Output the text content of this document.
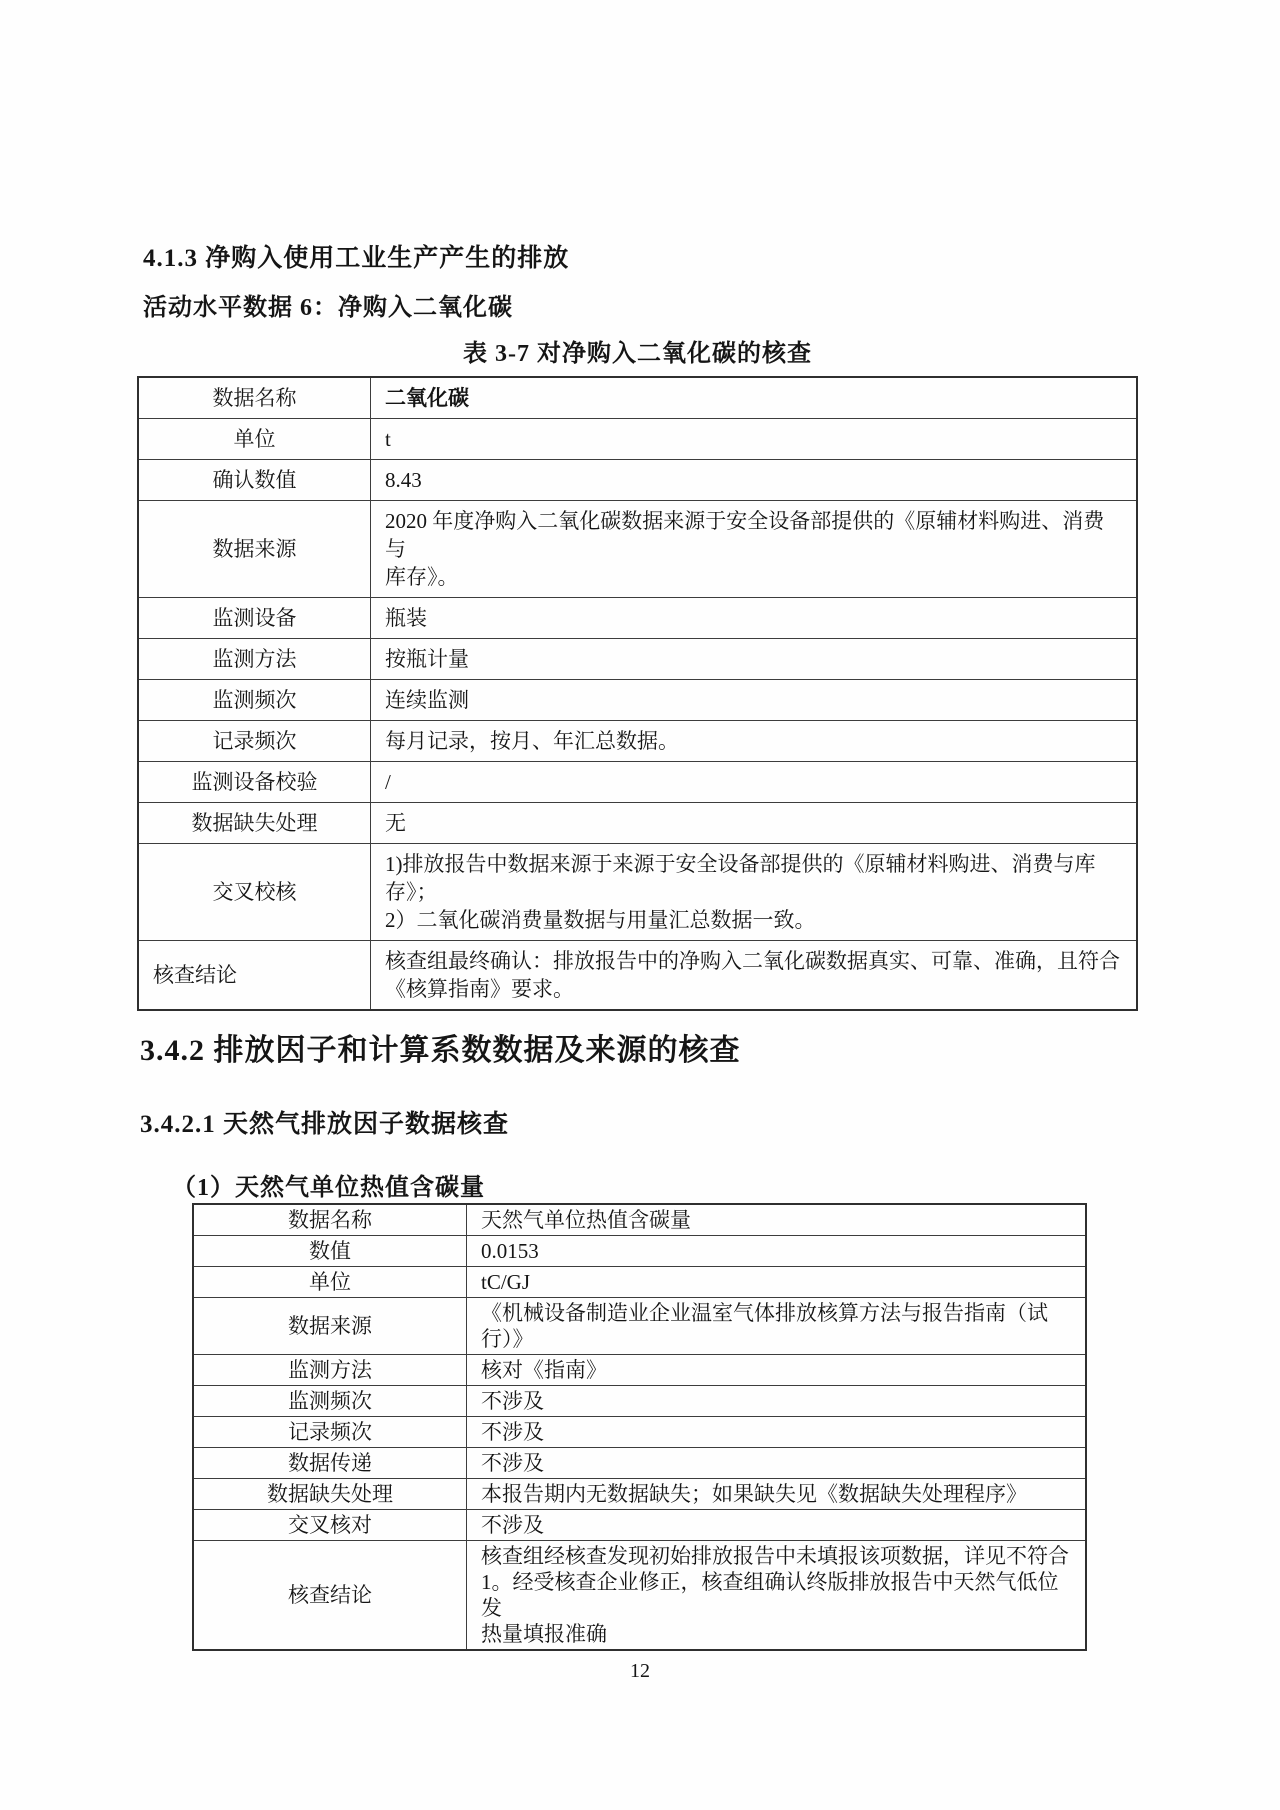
4.1.3 净购入使用工业生产产生的排放
活动水平数据 6：净购入二氧化碳
表 3-7 对净购入二氧化碳的核查
数据名称	二氧化碳
单位	t
确认数值	8.43
数据来源	2020 年度净购入二氧化碳数据来源于安全设备部提供的《原辅材料购进、消费与
库存》。
监测设备	瓶装
监测方法	按瓶计量
监测频次	连续监测
记录频次	每月记录，按月、年汇总数据。
监测设备校验	/
数据缺失处理	无
交叉校核	1)排放报告中数据来源于来源于安全设备部提供的《原辅材料购进、消费与库存》；
2）二氧化碳消费量数据与用量汇总数据一致。
核查结论	核查组最终确认：排放报告中的净购入二氧化碳数据真实、可靠、准确，且符合
《核算指南》要求。
3.4.2 排放因子和计算系数数据及来源的核查
3.4.2.1 天然气排放因子数据核查
（1）天然气单位热值含碳量
数据名称	天然气单位热值含碳量
数值	0.0153
单位	tC/GJ
数据来源	《机械设备制造业企业温室气体排放核算方法与报告指南（试
行）》
监测方法	核对《指南》
监测频次	不涉及
记录频次	不涉及
数据传递	不涉及
数据缺失处理	本报告期内无数据缺失；如果缺失见《数据缺失处理程序》
交叉核对	不涉及
核查结论	核查组经核查发现初始排放报告中未填报该项数据，详见不符合
1。经受核查企业修正，核查组确认终版排放报告中天然气低位发
热量填报准确
12
